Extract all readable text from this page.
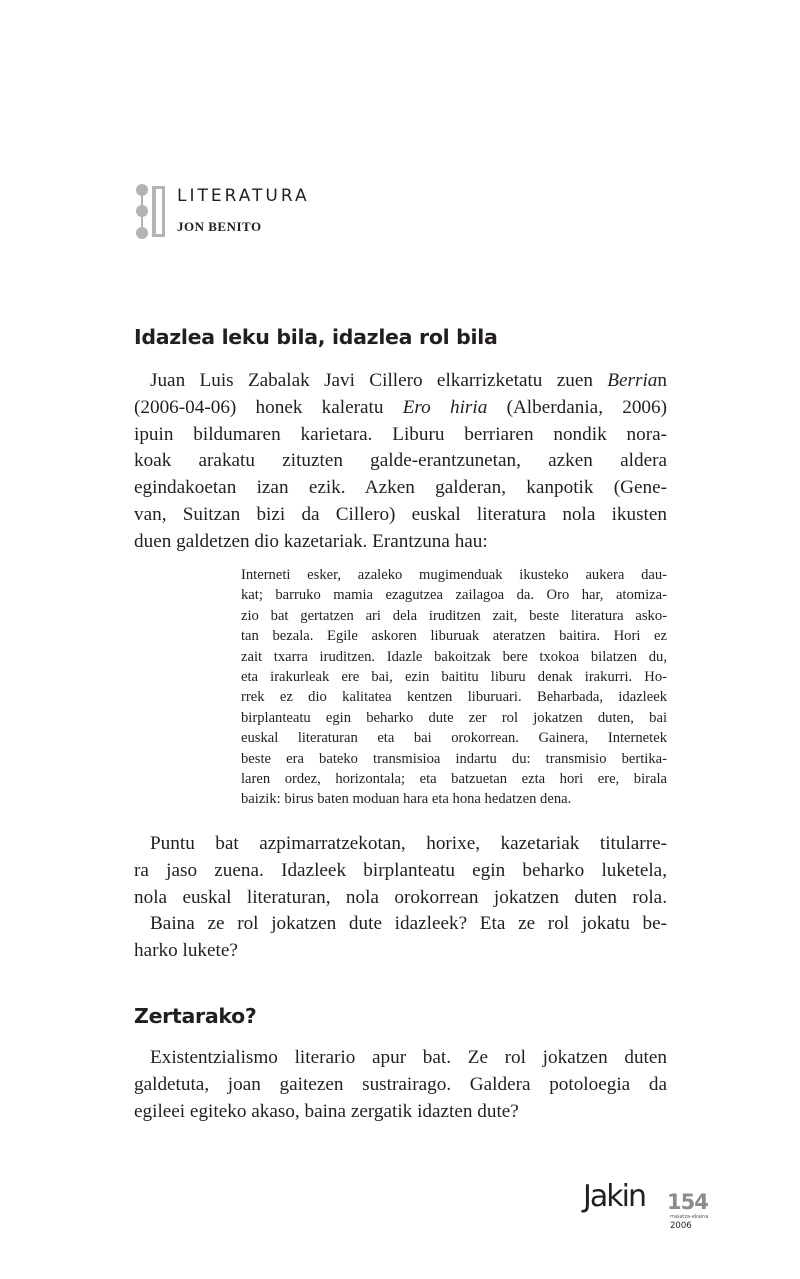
LITERATURA
JON BENITO
Idazlea leku bila, idazlea rol bila
Juan Luis Zabalak Javi Cillero elkarrizketatu zuen Berrian
(2006-04-06) honek kaleratu Ero hiria (Alberdania, 2006)
ipuin bildumaren karietara. Liburu berriaren nondik nora-
koak arakatu zituzten galde-erantzunetan, azken aldera
egindakoetan izan ezik. Azken galderan, kanpotik (Gene-
van, Suitzan bizi da Cillero) euskal literatura nola ikusten
duen galdetzen dio kazetariak. Erantzuna hau:
Interneti esker, azaleko mugimenduak ikusteko aukera dau-
kat; barruko mamia ezagutzea zailagoa da. Oro har, atomiza-
zio bat gertatzen ari dela iruditzen zait, beste literatura asko-
tan bezala. Egile askoren liburuak ateratzen baitira. Hori ez
zait txarra iruditzen. Idazle bakoitzak bere txokoa bilatzen du,
eta irakurleak ere bai, ezin baititu liburu denak irakurri. Ho-
rrek ez dio kalitatea kentzen liburuari. Beharbada, idazleek
birplanteatu egin beharko dute zer rol jokatzen duten, bai
euskal literaturan eta bai orokorrean. Gainera, Internetek
beste era bateko transmisioa indartu du: transmisio bertika-
laren ordez, horizontala; eta batzuetan ezta hori ere, birala
baizik: birus baten moduan hara eta hona hedatzen dena.
Puntu bat azpimarratzekotan, horixe, kazetariak titularre-
ra jaso zuena. Idazleek birplanteatu egin beharko luketela,
nola euskal literaturan, nola orokorrean jokatzen duten rola.
Baina ze rol jokatzen dute idazleek? Eta ze rol jokatu be-
harko lukete?
Zertarako?
Existentzialismo literario apur bat. Ze rol jokatzen duten
galdetuta, joan gaitezen sustrairago. Galdera potoloegia da
egileei egiteko akaso, baina zergatik idazten dute?
Jakin 154
maiatza-ekaina
2006
